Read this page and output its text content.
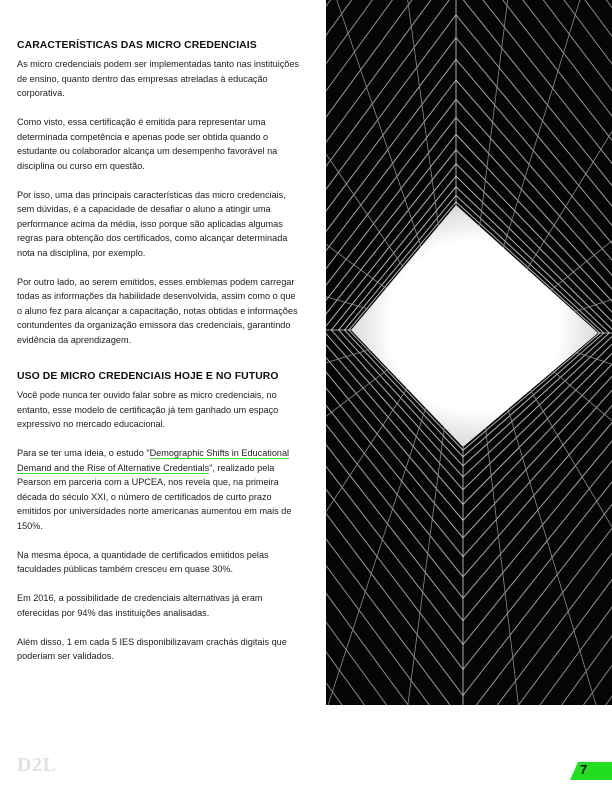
CARACTERÍSTICAS DAS MICRO CREDENCIAIS

As micro credenciais podem ser implementadas tanto nas instituições de ensino, quanto dentro das empresas atreladas à educação corporativa.

Como visto, essa certificação é emitida para representar uma determinada competência e apenas pode ser obtida quando o estudante ou colaborador alcança um desempenho favorável na disciplina ou curso em questão.

Por isso, uma das principais características das micro credenciais, sem dúvidas, é a capacidade de desafiar o aluno a atingir uma performance acima da média, isso porque são aplicadas algumas regras para obtenção dos certificados, como alcançar determinada nota na disciplina, por exemplo.

Por outro lado, ao serem emitidos, esses emblemas podem carregar todas as informações da habilidade desenvolvida, assim como o que o aluno fez para alcançar a capacitação, notas obtidas e informações contundentes da organização emissora das credenciais, garantindo evidência da aprendizagem.

USO DE MICRO CREDENCIAIS HOJE E NO FUTURO

Você pode nunca ter ouvido falar sobre as micro credenciais, no entanto, esse modelo de certificação já tem ganhado um espaço expressivo no mercado educacional.

Para se ter uma ideia, o estudo "Demographic Shifts in Educational Demand and the Rise of Alternative Credentials", realizado pela Pearson em parceria com a UPCEA, nos revela que, na primeira década do século XXI, o número de certificados de curto prazo emitidos por universidades norte americanas aumentou em mais de 150%.

Na mesma época, a quantidade de certificados emitidos pelas faculdades públicas também cresceu em quase 30%.

Em 2016, a possibilidade de credenciais alternativas já eram oferecidas por 94% das instituições analisadas.

Além disso, 1 em cada 5 IES disponibilizavam crachás digitais que poderiam ser validados.

D2L	7
